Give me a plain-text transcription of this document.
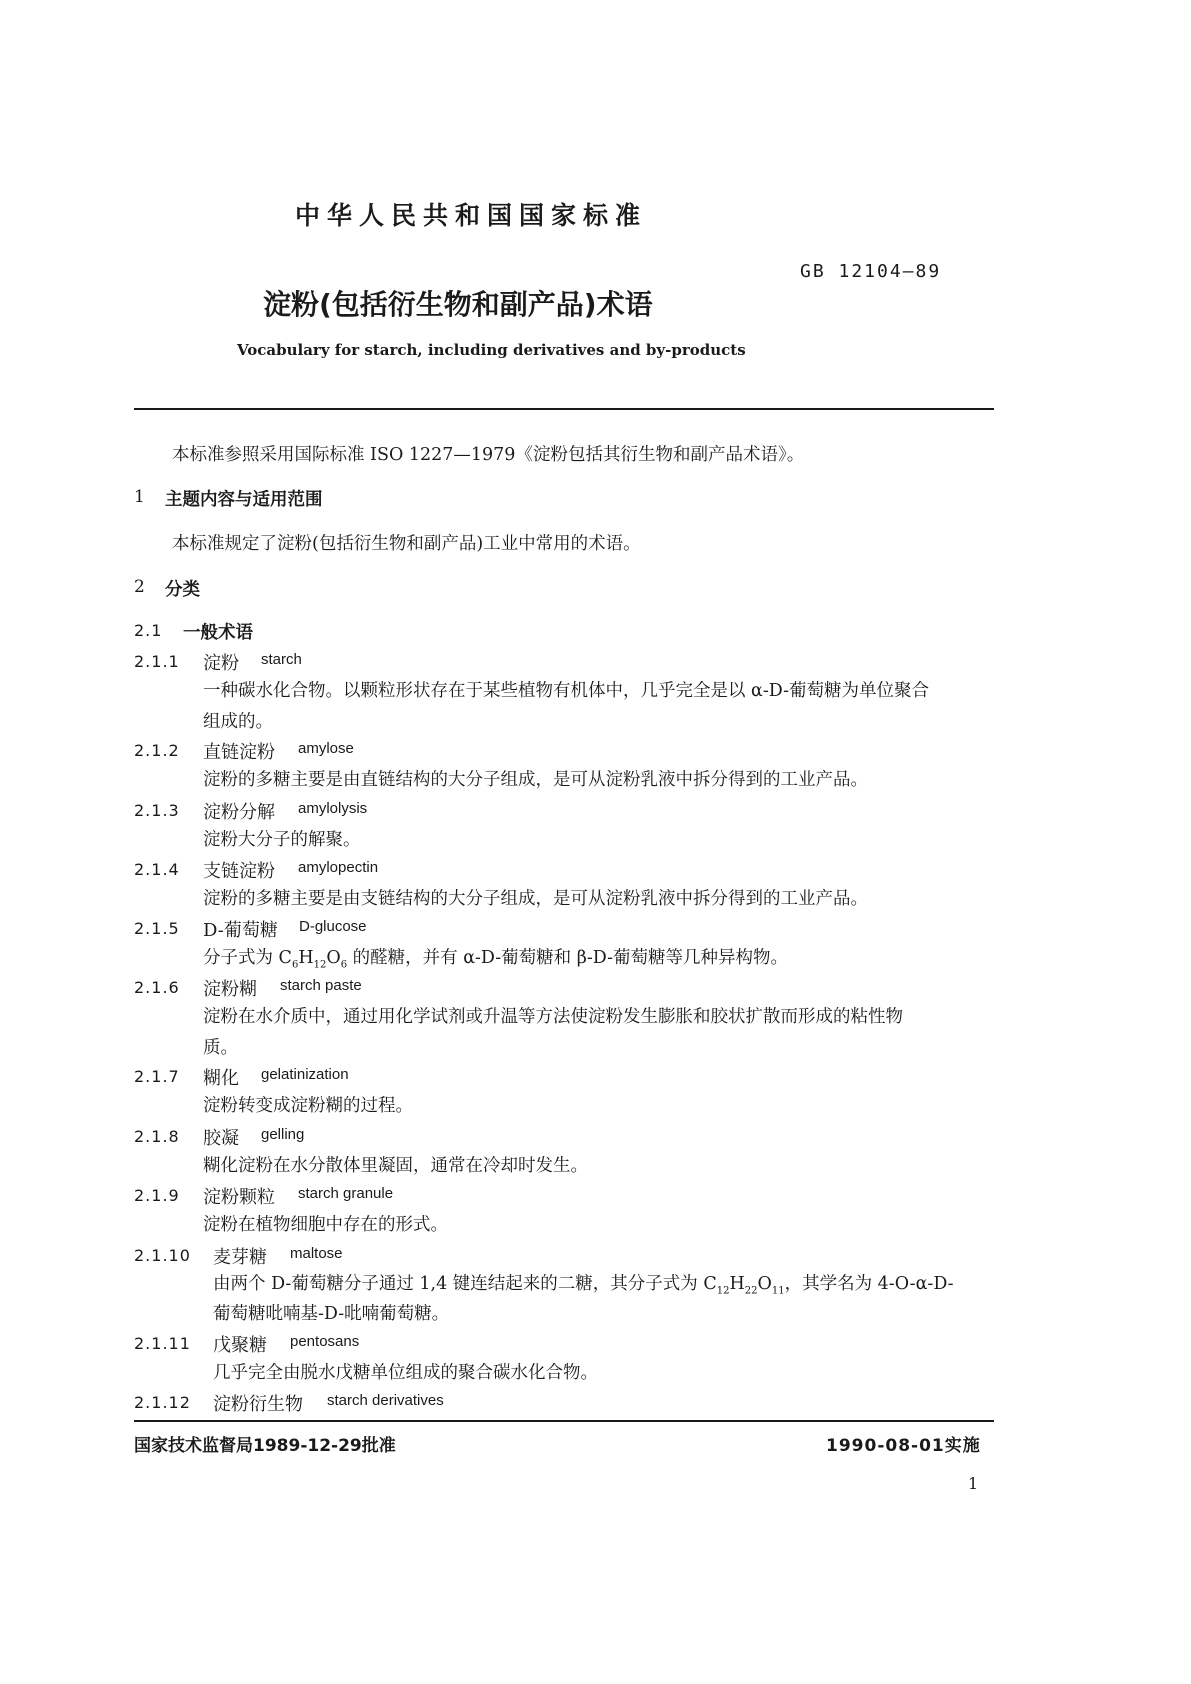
中华人民共和国国家标准
GB 12104—89
淀粉(包括衍生物和副产品)术语
Vocabulary for starch, including derivatives and by-products
本标准参照采用国际标准 ISO 1227—1979《淀粉包括其衍生物和副产品术语》。
1 主题内容与适用范围
本标准规定了淀粉(包括衍生物和副产品)工业中常用的术语。
2 分类
2.1 一般术语
2.1.1 淀粉 starch
一种碳水化合物。以颗粒形状存在于某些植物有机体中，几乎完全是以 α-D-葡萄糖为单位聚合
组成的。
2.1.2 直链淀粉 amylose
淀粉的多糖主要是由直链结构的大分子组成，是可从淀粉乳液中拆分得到的工业产品。
2.1.3 淀粉分解 amylolysis
淀粉大分子的解聚。
2.1.4 支链淀粉 amylopectin
淀粉的多糖主要是由支链结构的大分子组成，是可从淀粉乳液中拆分得到的工业产品。
2.1.5 D-葡萄糖 D-glucose
分子式为 $C_6H_{12}O_6$ 的醛糖，并有 α-D-葡萄糖和 β-D-葡萄糖等几种异构物。
2.1.6 淀粉糊 starch paste
淀粉在水介质中，通过用化学试剂或升温等方法使淀粉发生膨胀和胶状扩散而形成的粘性物
质。
2.1.7 糊化 gelatinization
淀粉转变成淀粉糊的过程。
2.1.8 胶凝 gelling
糊化淀粉在水分散体里凝固，通常在冷却时发生。
2.1.9 淀粉颗粒 starch granule
淀粉在植物细胞中存在的形式。
2.1.10 麦芽糖 maltose
由两个 D-葡萄糖分子通过 1,4 键连结起来的二糖，其分子式为 $C_{12}H_{22}O_{11}$，其学名为 4-O-α-D-
葡萄糖吡喃基-D-吡喃葡萄糖。
2.1.11 戊聚糖 pentosans
几乎完全由脱水戊糖单位组成的聚合碳水化合物。
2.1.12 淀粉衍生物 starch derivatives
国家技术监督局1989-12-29批准	1990-08-01实施
1
